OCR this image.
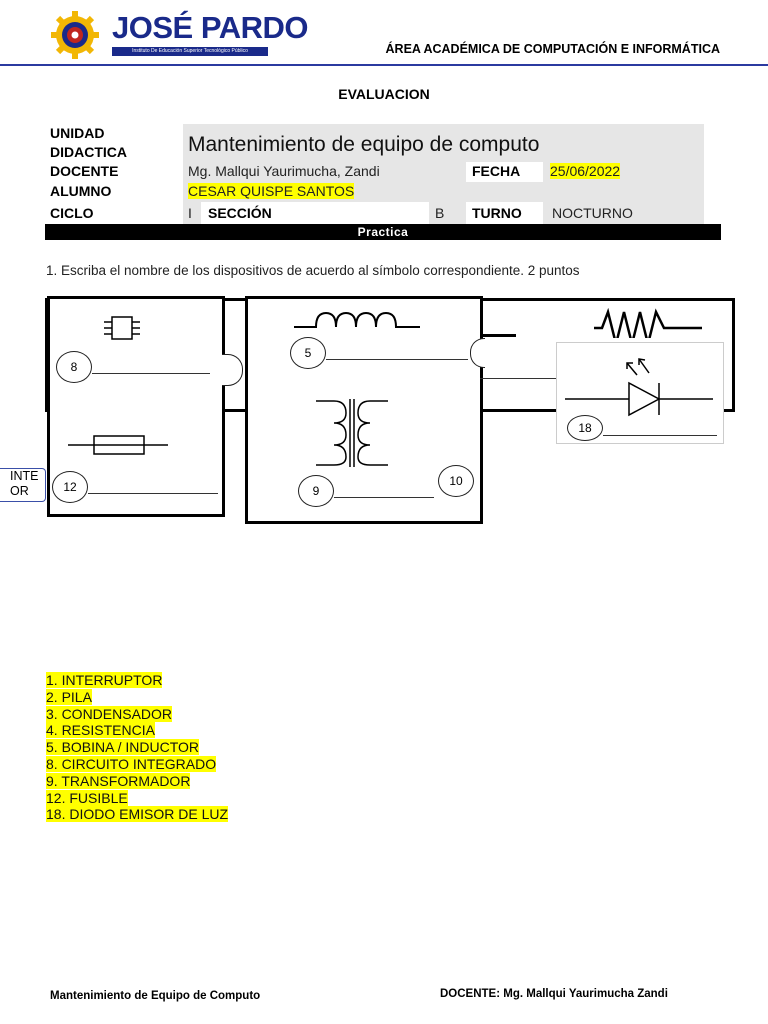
JOSÉ PARDO
Instituto De Educación Superior Tecnológico Público	ÁREA ACADÉMICA DE COMPUTACIÓN E INFORMÁTICA
EVALUACION
UNIDAD
DIDACTICA	Mantenimiento de equipo de computo
DOCENTE	Mg. Mallqui Yaurimucha, Zandi	FECHA 25/06/2022
ALUMNO	CESAR QUISPE SANTOS
CICLO	I SECCIÓN	B TURNO NOCTURNO
Practica
1. Escriba el nombre de los dispositivos de acuerdo al símbolo correspondiente. 2 puntos
8
12
5
9
10
18
INTE
OR
1. INTERRUPTOR
2. PILA
3. CONDENSADOR
4. RESISTENCIA
5. BOBINA / INDUCTOR
8. CIRCUITO INTEGRADO
9. TRANSFORMADOR
12. FUSIBLE
18. DIODO EMISOR DE LUZ
Mantenimiento de Equipo de Computo	DOCENTE: Mg. Mallqui Yaurimucha Zandi
